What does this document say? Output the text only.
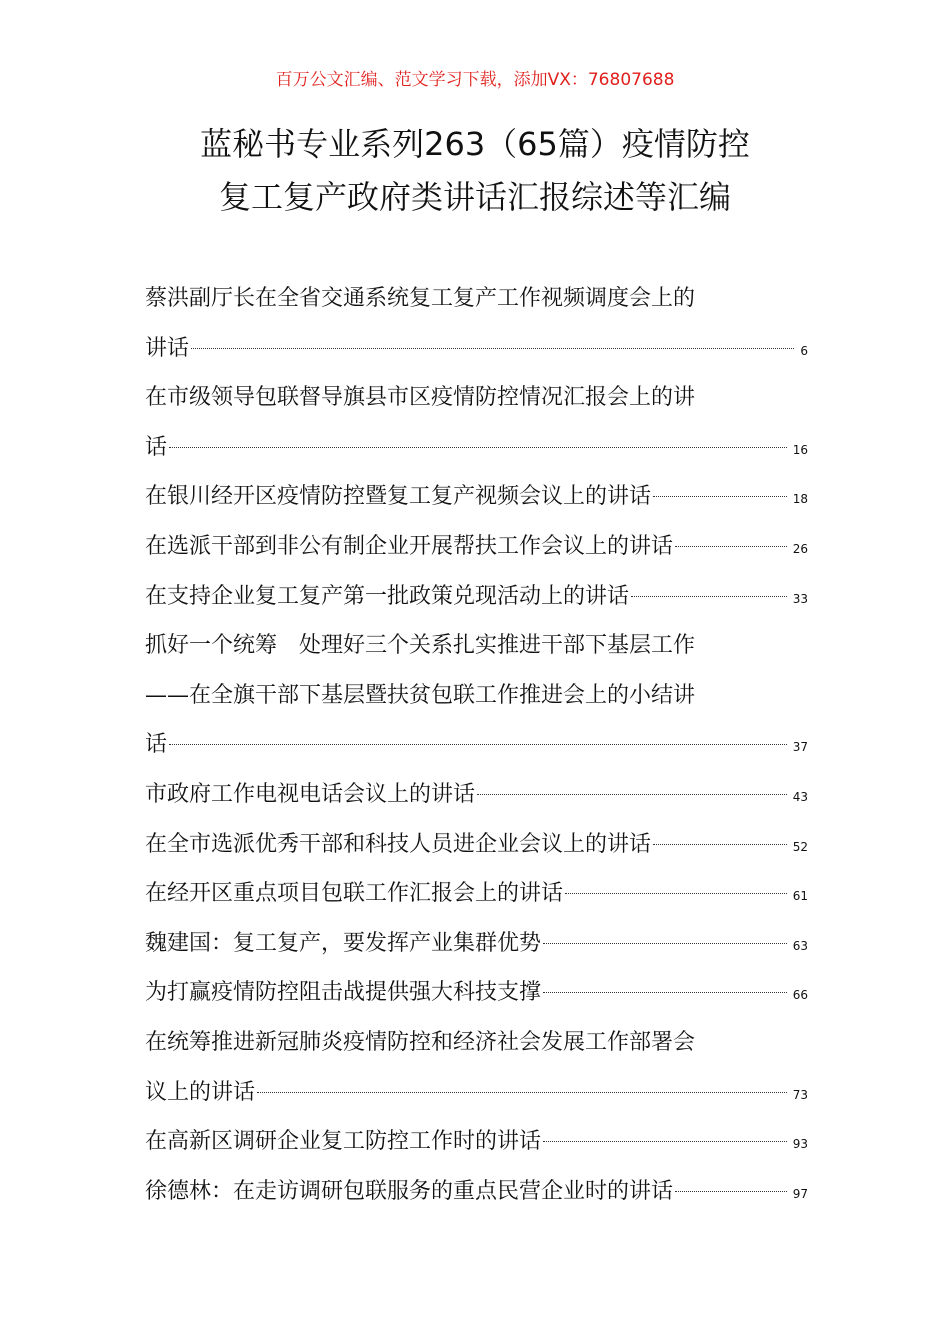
百万公文汇编、范文学习下载，添加VX：76807688
蓝秘书专业系列263（65篇）疫情防控
复工复产政府类讲话汇报综述等汇编
蔡洪副厅长在全省交通系统复工复产工作视频调度会上的
讲话	6
在市级领导包联督导旗县市区疫情防控情况汇报会上的讲
话	16
在银川经开区疫情防控暨复工复产视频会议上的讲话	18
在选派干部到非公有制企业开展帮扶工作会议上的讲话	26
在支持企业复工复产第一批政策兑现活动上的讲话	33
抓好一个统筹　处理好三个关系扎实推进干部下基层工作
——在全旗干部下基层暨扶贫包联工作推进会上的小结讲
话	37
市政府工作电视电话会议上的讲话	43
在全市选派优秀干部和科技人员进企业会议上的讲话	52
在经开区重点项目包联工作汇报会上的讲话	61
魏建国：复工复产，要发挥产业集群优势	63
为打赢疫情防控阻击战提供强大科技支撑	66
在统筹推进新冠肺炎疫情防控和经济社会发展工作部署会
议上的讲话	73
在高新区调研企业复工防控工作时的讲话	93
徐德林：在走访调研包联服务的重点民营企业时的讲话	97
